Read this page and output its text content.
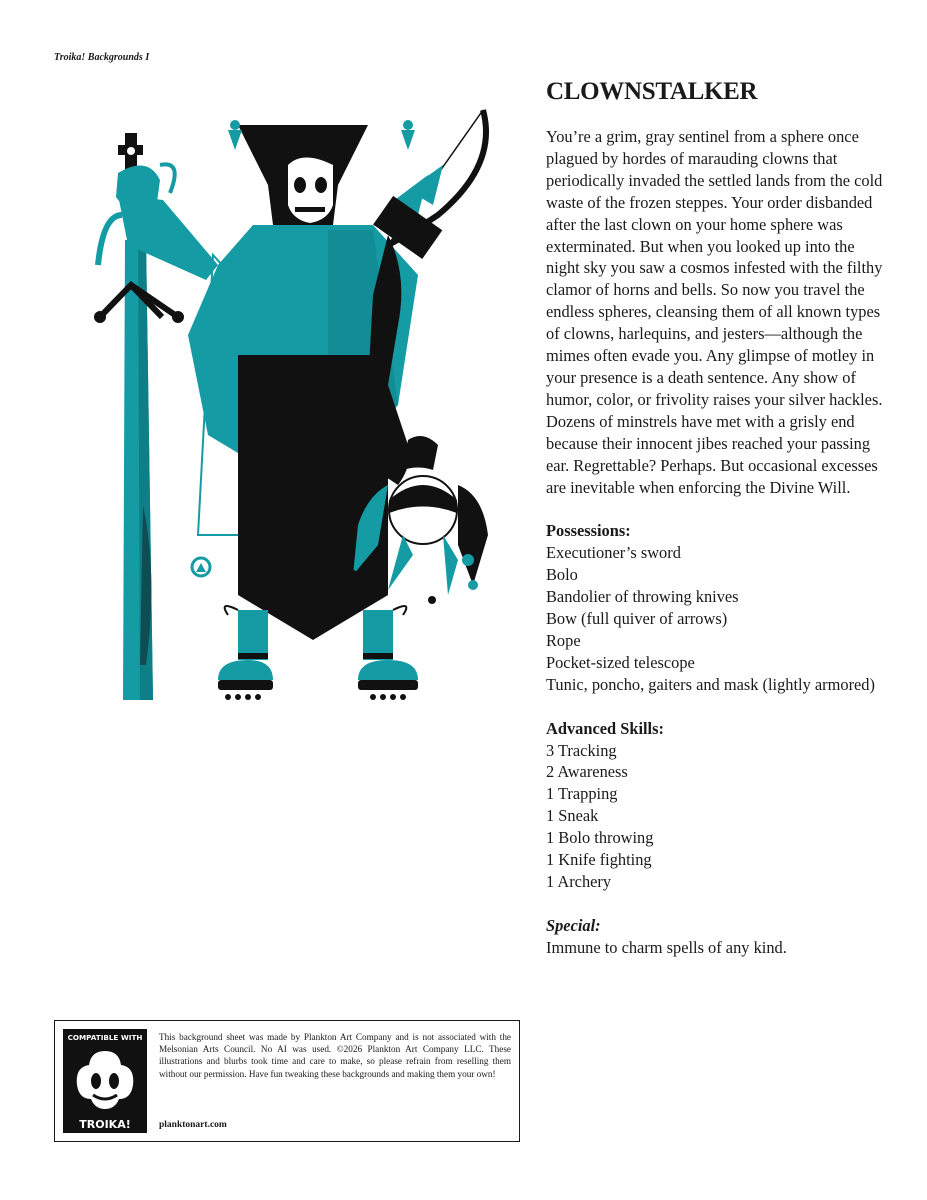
Troika! Backgrounds I
CLOWNSTALKER

You’re a grim, gray sentinel from a sphere once plagued by hordes of marauding clowns that periodically invaded the settled lands from the cold waste of the frozen steppes. Your order disbanded after the last clown on your home sphere was exterminated. But when you looked up into the night sky you saw a cosmos infested with the filthy clamor of horns and bells. So now you travel the endless spheres, cleansing them of all known types of clowns, harlequins, and jesters—although the mimes often evade you. Any glimpse of motley in your presence is a death sentence. Any show of humor, color, or frivolity raises your silver hackles. Dozens of minstrels have met with a grisly end because their innocent jibes reached your passing ear. Regrettable? Perhaps. But occasional excesses are inevitable when enforcing the Divine Will.

Possessions:
Executioner’s sword
Bolo
Bandolier of throwing knives
Bow (full quiver of arrows)
Rope
Pocket-sized telescope
Tunic, poncho, gaiters and mask (lightly armored)
Advanced Skills:
3 Tracking
2 Awareness
1 Trapping
1 Sneak
1 Bolo throwing
1 Knife fighting
1 Archery
Special:

Immune to charm spells of any kind.

COMPATIBLE WITH
TROIKA!
This background sheet was made by Plankton Art Company and is not associated with the Melsonian Arts Council. No AI was used. ©2026 Plankton Art Company LLC. These illustrations and blurbs took time and care to make, so please refrain from reselling them without our permission. Have fun tweaking these backgrounds and making them your own!
planktonart.com
